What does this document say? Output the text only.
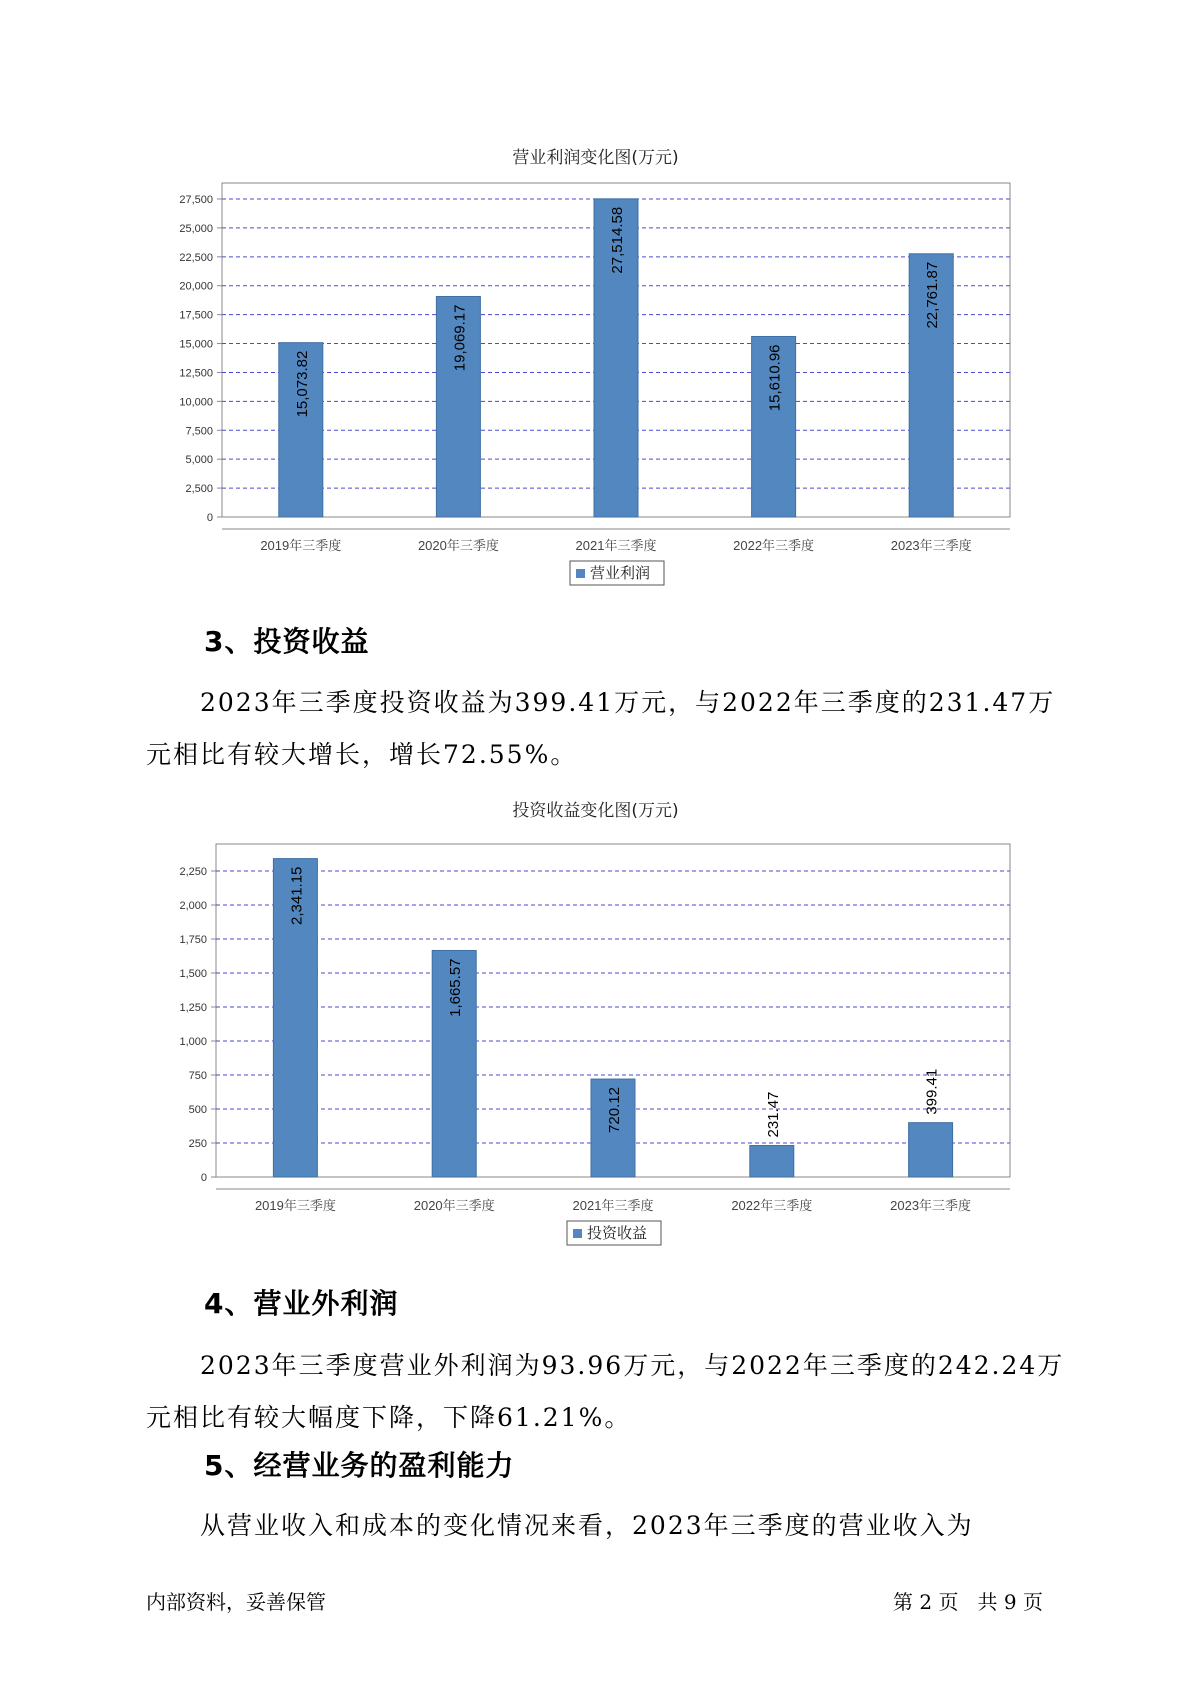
营业利润变化图(万元)
0
2,500
5,000
7,500
10,000
12,500
15,000
17,500
20,000
22,500
25,000
27,500
15,073.82
2019年三季度
19,069.17
2020年三季度
27,514.58
2021年三季度
15,610.96
2022年三季度
22,761.87
2023年三季度
营业利润
3、投资收益

2023年三季度投资收益为399.41万元，与2022年三季度的231.47万元相比有较大增长，增长72.55%。

投资收益变化图(万元)
0
250
500
750
1,000
1,250
1,500
1,750
2,000
2,250	2,341.15
2019年三季度
1,665.57
2020年三季度
720.12
2021年三季度
231.47
2022年三季度
399.41
2023年三季度
投资收益
4、营业外利润

2023年三季度营业外利润为93.96万元，与2022年三季度的242.24万元相比有较大幅度下降，下降61.21%。

5、经营业务的盈利能力

从营业收入和成本的变化情况来看，2023年三季度的营业收入为

内部资料，妥善保管	第 2 页   共 9 页
